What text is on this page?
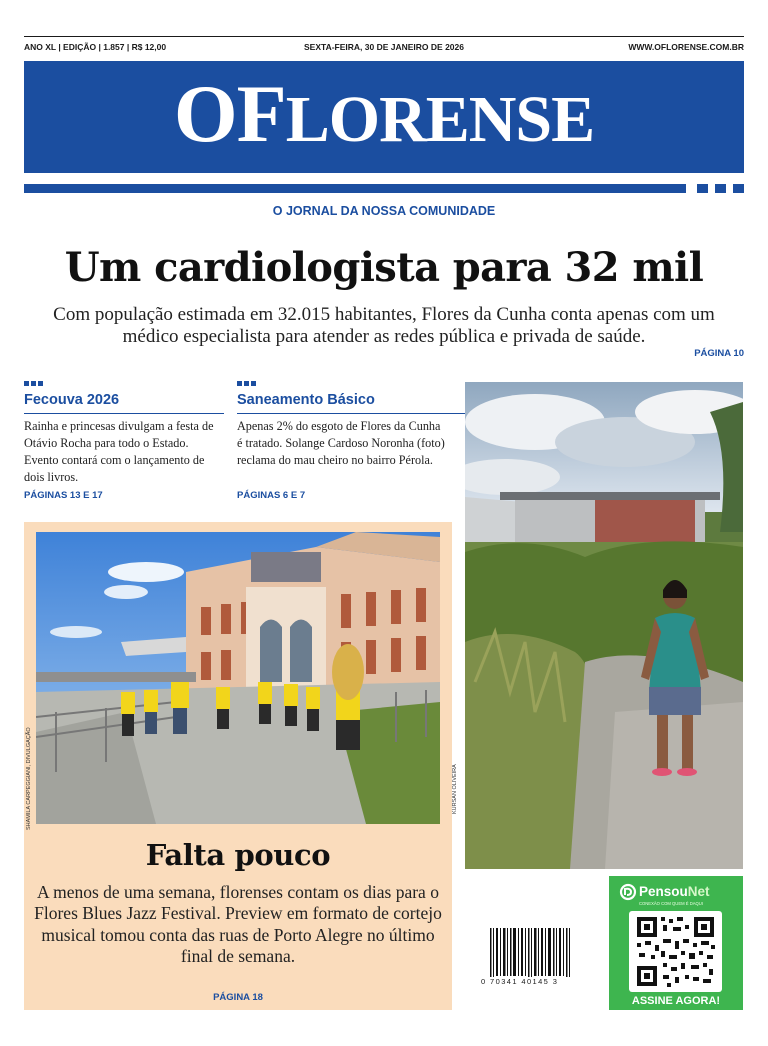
ANO XL | EDIÇÃO | 1.857 | R$ 12,00	SEXTA-FEIRA, 30 DE JANEIRO DE 2026	WWW.OFLORENSE.COM.BR
OFLORENSE
O JORNAL DA NOSSA COMUNIDADE
Um cardiologista para 32 mil
Com população estimada em 32.015 habitantes, Flores da Cunha conta apenas com um médico especialista para atender as redes pública e privada de saúde.
PÁGINA 10
Fecouva 2026
Rainha e princesas divulgam a festa de Otávio Rocha para todo o Estado. Evento contará com o lançamento de dois livros.
PÁGINAS 13 E 17
Saneamento Básico
Apenas 2% do esgoto de Flores da Cunha é tratado. Solange Cardoso Noronha (foto) reclama do mau cheiro no bairro Pérola.
PÁGINAS 6 E 7
KURSAN OLIVEIRA
Falta pouco
A menos de uma semana, florenses contam os dias para o Flores Blues Jazz Festival. Preview em formato de cortejo musical tomou conta das ruas de Porto Alegre no último final de semana.
PÁGINA 18
SHAMILA CARPEGGIANI, DIVULGAÇÃO
0 70341 40145 3
PensouNet
CONEXÃO COM QUEM É DAQUI
ASSINE AGORA!
